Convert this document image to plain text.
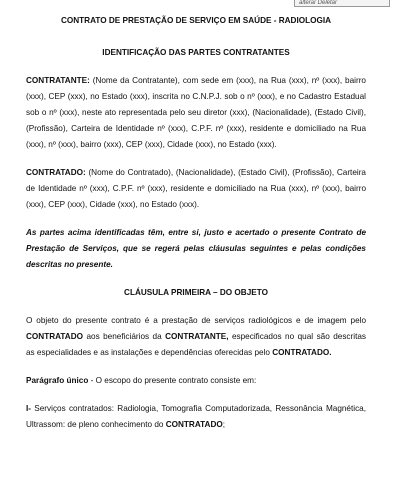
alterar Deletar
CONTRATO DE PRESTAÇÃO DE SERVIÇO EM SAÚDE - RADIOLOGIA
IDENTIFICAÇÃO DAS PARTES CONTRATANTES

CONTRATANTE: (Nome da Contratante), com sede em (xxx), na Rua (xxx), nº (xxx), bairro (xxx), CEP (xxx), no Estado (xxx), inscrita no C.N.P.J. sob o nº (xxx), e no Cadastro Estadual sob o nº (xxx), neste ato representada pelo seu diretor (xxx), (Nacionalidade), (Estado Civil), (Profissão), Carteira de Identidade nº (xxx), C.P.F. nº (xxx), residente e domiciliado na Rua (xxx), nº (xxx), bairro (xxx), CEP (xxx), Cidade (xxx), no Estado (xxx).

CONTRATADO: (Nome do Contratado), (Nacionalidade), (Estado Civil), (Profissão), Carteira de Identidade nº (xxx), C.P.F. nº (xxx), residente e domiciliado na Rua (xxx), nº (xxx), bairro (xxx), CEP (xxx), Cidade (xxx), no Estado (xxx).

As partes acima identificadas têm, entre si, justo e acertado o presente Contrato de Prestação de Serviços, que se regerá pelas cláusulas seguintes e pelas condições descritas no presente.

CLÁUSULA PRIMEIRA – DO OBJETO

O objeto do presente contrato é a prestação de serviços radiológicos e de imagem pelo CONTRATADO aos beneficiários da CONTRATANTE, especificados no qual são descritas as especialidades e as instalações e dependências oferecidas pelo CONTRATADO.

Parágrafo único - O escopo do presente contrato consiste em:

I- Serviços contratados: Radiologia, Tomografia Computadorizada, Ressonância Magnética, Ultrassom: de pleno conhecimento do CONTRATADO;
